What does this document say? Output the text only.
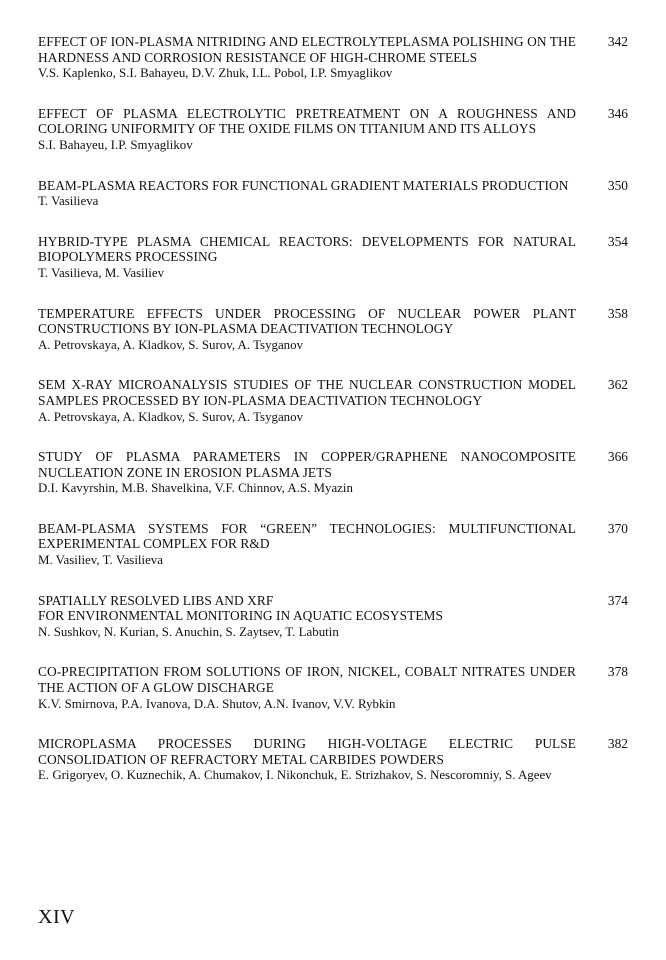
EFFECT OF ION-PLASMA NITRIDING AND ELECTROLYTEPLASMA POLISHING ON THE HARDNESS AND CORROSION RESISTANCE OF HIGH-CHROME STEELS

342
V.S. Kaplenko, S.I. Bahayeu, D.V. Zhuk, I.L. Pobol, I.P. Smyaglikov

EFFECT OF PLASMA ELECTROLYTIC PRETREATMENT ON A ROUGHNESS AND COLORING UNIFORMITY OF THE OXIDE FILMS ON TITANIUM AND ITS ALLOYS

346
S.I. Bahayeu, I.P. Smyaglikov

BEAM-PLASMA REACTORS FOR FUNCTIONAL GRADIENT MATERIALS PRODUCTION	350
T. Vasilieva

HYBRID-TYPE PLASMA CHEMICAL REACTORS: DEVELOPMENTS FOR NATURAL BIOPOLYMERS PROCESSING

354
T. Vasilieva, M. Vasiliev

TEMPERATURE EFFECTS UNDER PROCESSING OF NUCLEAR POWER PLANT CONSTRUCTIONS BY ION-PLASMA DEACTIVATION TECHNOLOGY

358
A. Petrovskaya, A. Kladkov, S. Surov, A. Tsyganov

SEM X-RAY MICROANALYSIS STUDIES OF THE NUCLEAR CONSTRUCTION MODEL SAMPLES PROCESSED BY ION-PLASMA DEACTIVATION TECHNOLOGY

362
A. Petrovskaya, A. Kladkov, S. Surov, A. Tsyganov

STUDY OF PLASMA PARAMETERS IN COPPER/GRAPHENE NANOCOMPOSITE NUCLEATION ZONE IN EROSION PLASMA JETS

366
D.I. Kavyrshin, M.B. Shavelkina, V.F. Chinnov, A.S. Myazin

BEAM-PLASMA SYSTEMS FOR “GREEN” TECHNOLOGIES: MULTIFUNCTIONAL EXPERIMENTAL COMPLEX FOR R&D

370
M. Vasiliev, T. Vasilieva

SPATIALLY RESOLVED LIBS AND XRF
FOR ENVIRONMENTAL MONITORING IN AQUATIC ECOSYSTEMS

374
N. Sushkov, N. Kurian, S. Anuchin, S. Zaytsev, T. Labutin

CO-PRECIPITATION FROM SOLUTIONS OF IRON, NICKEL, COBALT NITRATES UNDER THE ACTION OF A GLOW DISCHARGE

378
K.V. Smirnova, P.A. Ivanova, D.A. Shutov, A.N. Ivanov, V.V. Rybkin

MICROPLASMA PROCESSES DURING HIGH-VOLTAGE ELECTRIC PULSE CONSOLIDATION OF REFRACTORY METAL CARBIDES POWDERS

382
E. Grigoryev, O. Kuznechik, A. Chumakov, I. Nikonchuk, E. Strizhakov, S. Nescoromniy, S. Ageev
XIV
